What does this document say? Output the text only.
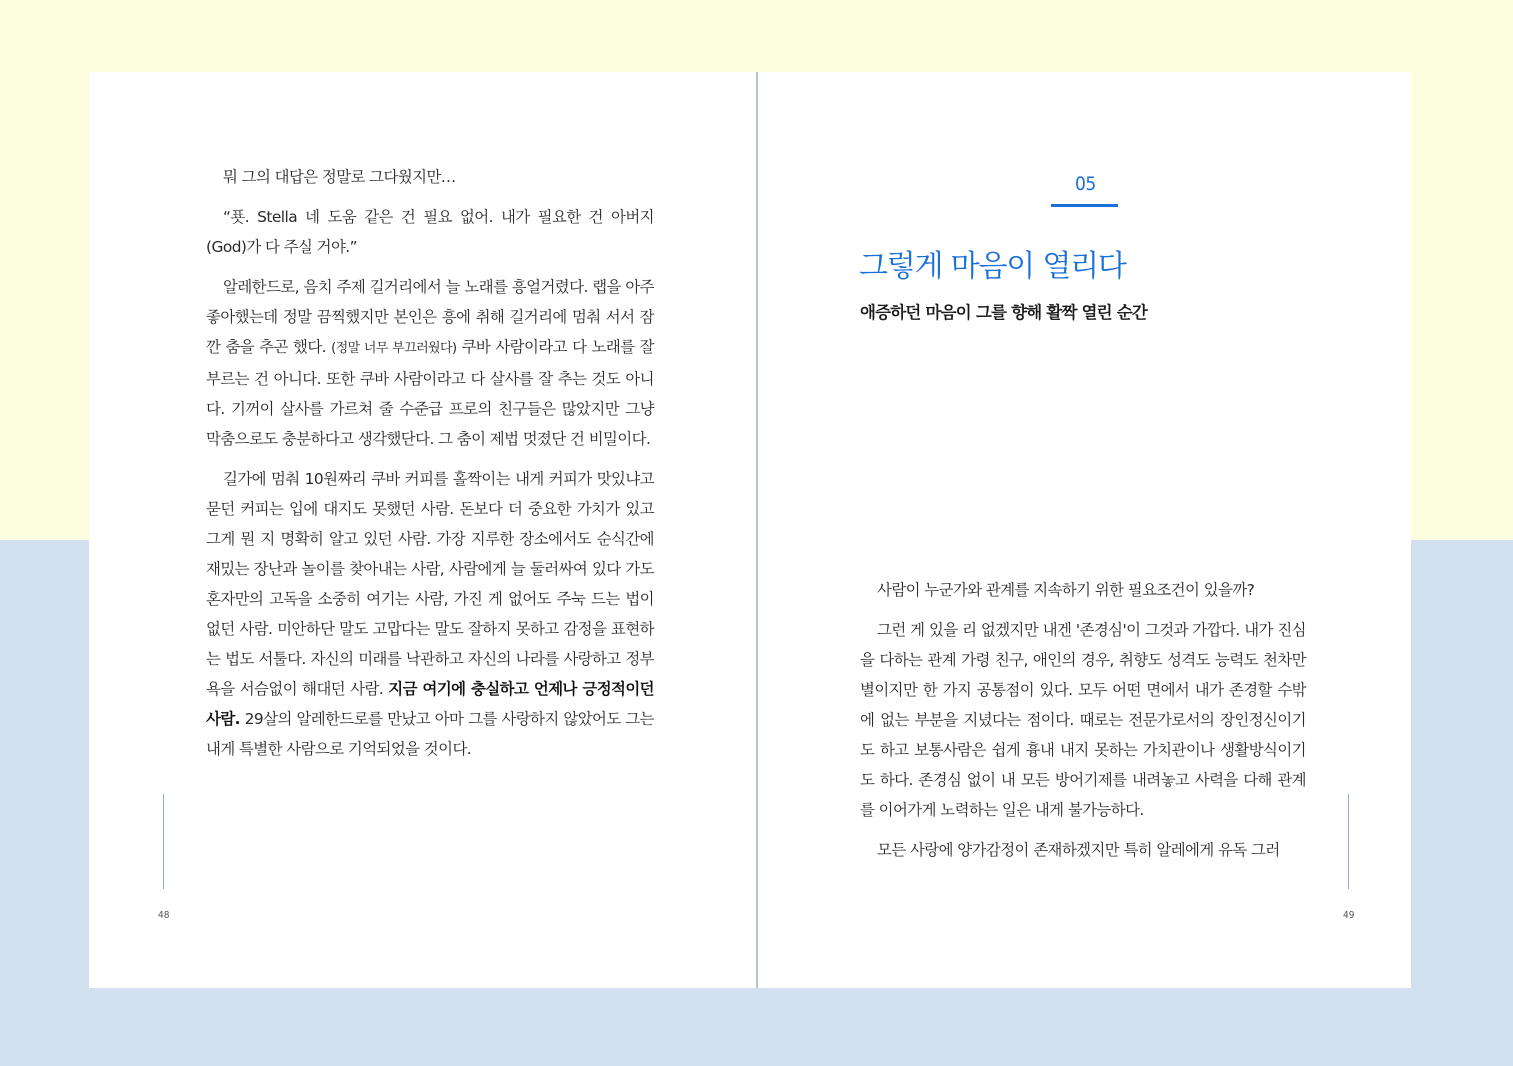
뭐 그의 대답은 정말로 그다웠지만…

“푯. Stella 네 도움 같은 건 필요 없어. 내가 필요한 건 아버지 (God)가 다 주실 거야.”

알레한드로, 음치 주제 길거리에서 늘 노래를 흥얼거렸다. 랩을 아주 좋아했는데 정말 끔찍했지만 본인은 흥에 취해 길거리에 멈춰 서서 잠깐 춤을 추곤 했다. (정말 너무 부끄러웠다) 쿠바 사람이라고 다 노래를 잘 부르는 건 아니다. 또한 쿠바 사람이라고 다 살사를 잘 추는 것도 아니다. 기꺼이 살사를 가르쳐 줄 수준급 프로의 친구들은 많았지만 그냥 막춤으로도 충분하다고 생각했단다. 그 춤이 제법 멋졌단 건 비밀이다.

길가에 멈춰 10원짜리 쿠바 커피를 홀짝이는 내게 커피가 맛있냐고 묻던 커피는 입에 대지도 못했던 사람. 돈보다 더 중요한 가치가 있고 그게 뭔 지 명확히 알고 있던 사람. 가장 지루한 장소에서도 순식간에 재밌는 장난과 놀이를 찾아내는 사람, 사람에게 늘 둘러싸여 있다 가도 혼자만의 고독을 소중히 여기는 사람, 가진 게 없어도 주눅 드는 법이 없던 사람. 미안하단 말도 고맙다는 말도 잘하지 못하고 감정을 표현하는 법도 서툴다. 자신의 미래를 낙관하고 자신의 나라를 사랑하고 정부 욕을 서슴없이 해대던 사람. 지금 여기에 충실하고 언제나 긍정적이던 사람. 29살의 알레한드로를 만났고 아마 그를 사랑하지 않았어도 그는 내게 특별한 사람으로 기억되었을 것이다.

48
05
그렇게 마음이 열리다
애증하던 마음이 그를 향해 활짝 열린 순간

사람이 누군가와 관계를 지속하기 위한 필요조건이 있을까?

그런 게 있을 리 없겠지만 내겐 '존경심'이 그것과 가깝다. 내가 진심을 다하는 관계 가령 친구, 애인의 경우, 취향도 성격도 능력도 천차만별이지만 한 가지 공통점이 있다. 모두 어떤 면에서 내가 존경할 수밖에 없는 부분을 지녔다는 점이다. 때로는 전문가로서의 장인정신이기도 하고 보통사람은 쉽게 흉내 내지 못하는 가치관이나 생활방식이기도 하다. 존경심 없이 내 모든 방어기제를 내려놓고 사력을 다해 관계를 이어가게 노력하는 일은 내게 불가능하다.

모든 사랑에 양가감정이 존재하겠지만 특히 알레에게 유독 그러

49
